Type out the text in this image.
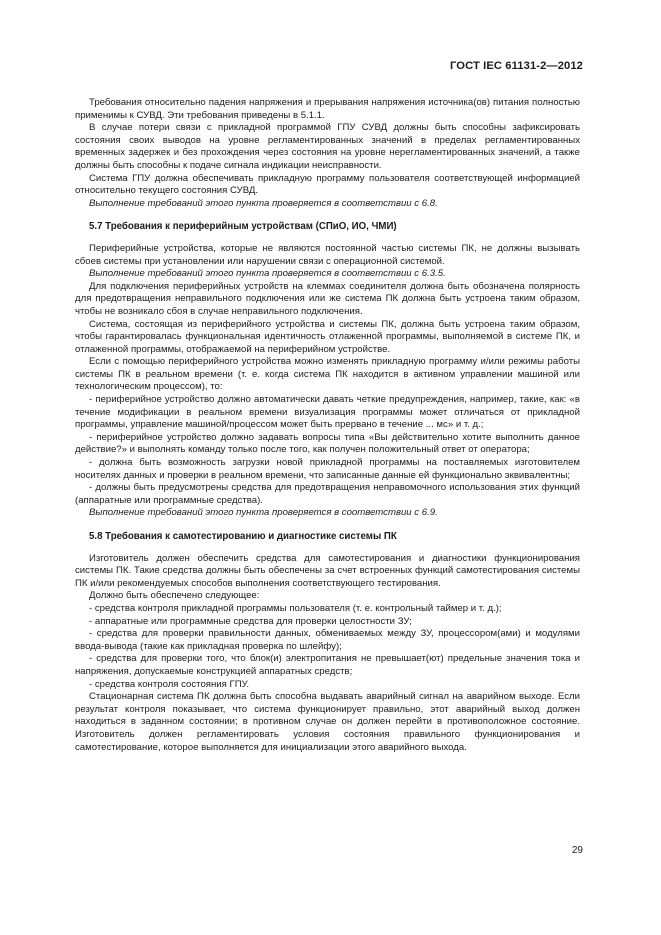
ГОСТ IEC 61131-2—2012

Требования относительно падения напряжения и прерывания напряжения источника(ов) питания полностью применимы к СУВД. Эти требования приведены в 5.1.1.

В случае потери связи с прикладной программой ГПУ СУВД должны быть способны зафиксировать состояния своих выводов на уровне регламентированных значений в пределах регламентированных временных задержек и без прохождения через состояния на уровне нерегламентированных значений, а также должны быть способны к подаче сигнала индикации неисправности.

Система ГПУ должна обеспечивать прикладную программу пользователя соответствующей информацией относительно текущего состояния СУВД.

Выполнение требований этого пункта проверяется в соответствии с 6.8.

5.7 Требования к периферийным устройствам (СПиО, ИО, ЧМИ)

Периферийные устройства, которые не являются постоянной частью системы ПК, не должны вызывать сбоев системы при установлении или нарушении связи с операционной системой.

Выполнение требований этого пункта проверяется в соответствии с 6.3.5.

Для подключения периферийных устройств на клеммах соединителя должна быть обозначена полярность для предотвращения неправильного подключения или же система ПК должна быть устроена таким образом, чтобы не возникало сбоя в случае неправильного подключения.

Система, состоящая из периферийного устройства и системы ПК, должна быть устроена таким образом, чтобы гарантировалась функциональная идентичность отлаженной программы, выполняемой в системе ПК, и отлаженной программы, отображаемой на периферийном устройстве.

Если с помощью периферийного устройства можно изменять прикладную программу и/или режимы работы системы ПК в реальном времени (т. е. когда система ПК находится в активном управлении машиной или технологическим процессом), то:

- периферийное устройство должно автоматически давать четкие предупреждения, например, такие, как: «в течение модификации в реальном времени визуализация программы может отличаться от прикладной программы, управление машиной/процессом может быть прервано в течение ... мс» и т. д.;

- периферийное устройство должно задавать вопросы типа «Вы действительно хотите выполнить данное действие?» и выполнять команду только после того, как получен положительный ответ от оператора;

- должна быть возможность загрузки новой прикладной программы на поставляемых изготовителем носителях данных и проверки в реальном времени, что записанные данные ей функционально эквивалентны;

- должны быть предусмотрены средства для предотвращения неправомочного использования этих функций (аппаратные или программные средства).

Выполнение требований этого пункта проверяется в соответствии с 6.9.

5.8 Требования к самотестированию и диагностике системы ПК

Изготовитель должен обеспечить средства для самотестирования и диагностики функционирования системы ПК. Такие средства должны быть обеспечены за счет встроенных функций самотестирования системы ПК и/или рекомендуемых способов выполнения соответствующего тестирования.

Должно быть обеспечено следующее:

- средства контроля прикладной программы пользователя (т. е. контрольный таймер и т. д.);

- аппаратные или программные средства для проверки целостности ЗУ;

- средства для проверки правильности данных, обмениваемых между ЗУ, процессором(ами) и модулями ввода-вывода (такие как прикладная проверка по шлейфу);

- средства для проверки того, что блок(и) электропитания не превышает(ют) предельные значения тока и напряжения, допускаемые конструкцией аппаратных средств;

- средства контроля состояния ГПУ.

Стационарная система ПК должна быть способна выдавать аварийный сигнал на аварийном выходе. Если результат контроля показывает, что система функционирует правильно, этот аварийный выход должен находиться в заданном состоянии; в противном случае он должен перейти в противоположное состояние. Изготовитель должен регламентировать условия состояния правильного функционирования и самотестирование, которое выполняется для инициализации этого аварийного выхода.

29
